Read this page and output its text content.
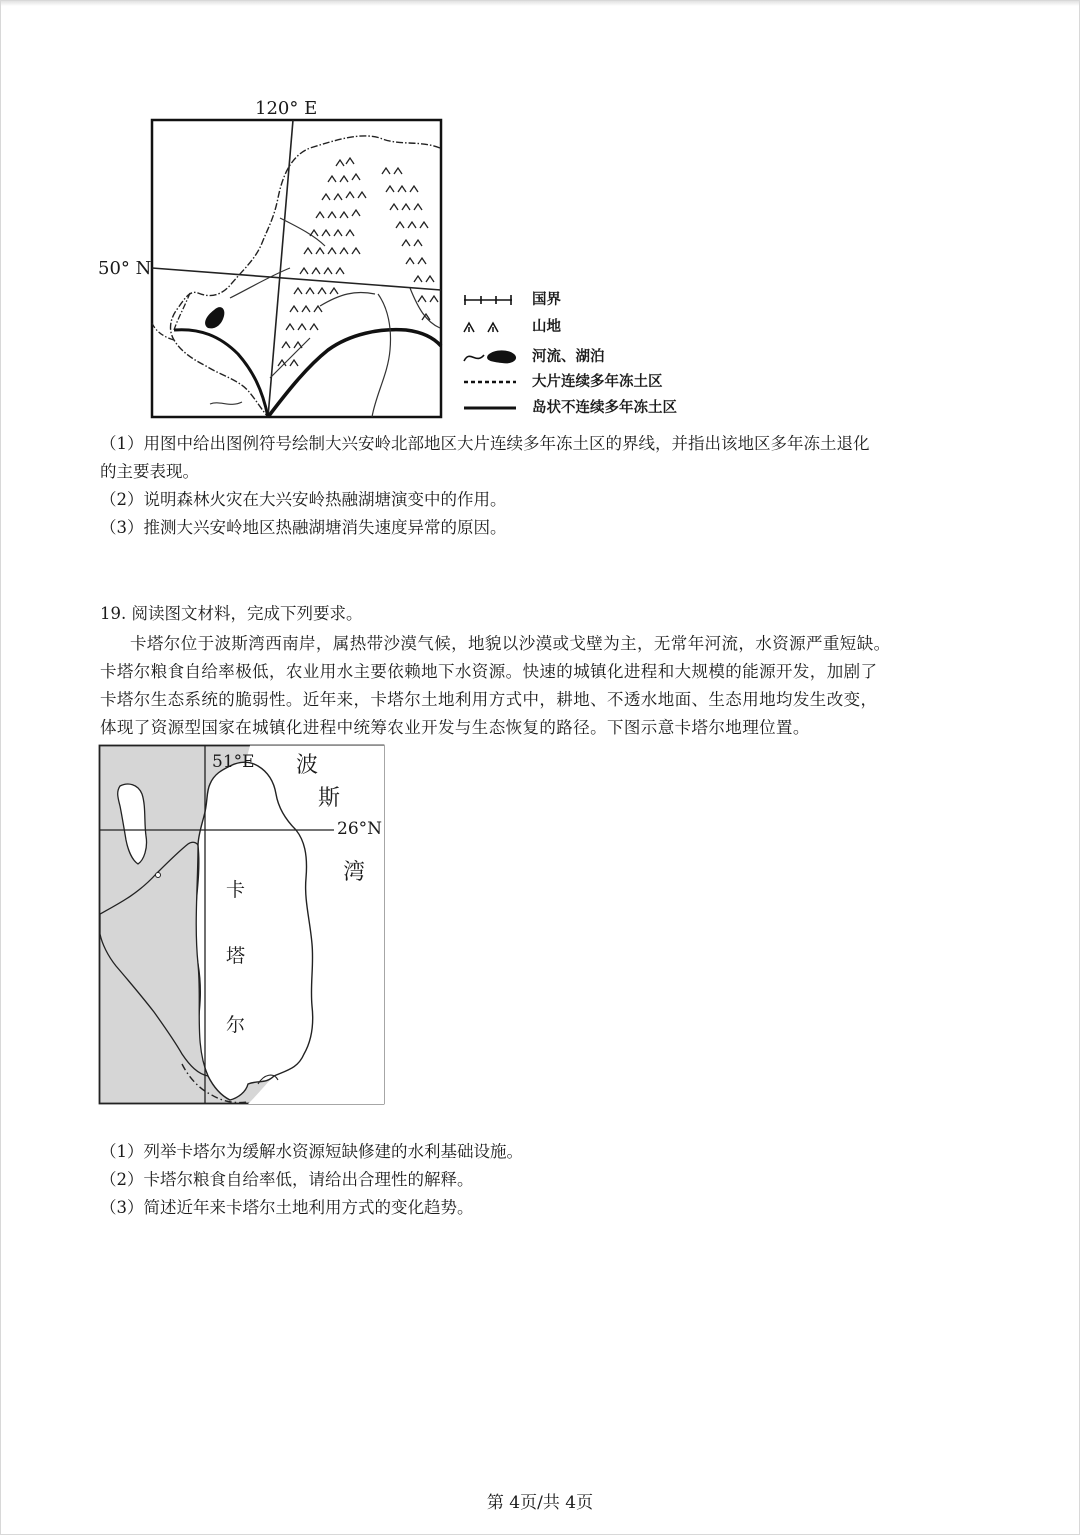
120° E
50° N
国界
山地
河流、湖泊
大片连续多年冻土区
岛状不连续多年冻土区
（1）用图中给出图例符号绘制大兴安岭北部地区大片连续多年冻土区的界线，并指出该地区多年冻土退化
的主要表现。
（2）说明森林火灾在大兴安岭热融湖塘演变中的作用。
（3）推测大兴安岭地区热融湖塘消失速度异常的原因。
19. 阅读图文材料，完成下列要求。
卡塔尔位于波斯湾西南岸，属热带沙漠气候，地貌以沙漠或戈壁为主，无常年河流，水资源严重短缺。
卡塔尔粮食自给率极低，农业用水主要依赖地下水资源。快速的城镇化进程和大规模的能源开发，加剧了
卡塔尔生态系统的脆弱性。近年来，卡塔尔土地利用方式中，耕地、不透水地面、生态用地均发生改变，
体现了资源型国家在城镇化进程中统筹农业开发与生态恢复的路径。下图示意卡塔尔地理位置。
51°E
26°N
波
斯
湾
卡
塔
尔
（1）列举卡塔尔为缓解水资源短缺修建的水利基础设施。
（2）卡塔尔粮食自给率低，请给出合理性的解释。
（3）简述近年来卡塔尔土地利用方式的变化趋势。
第 4页/共 4页
